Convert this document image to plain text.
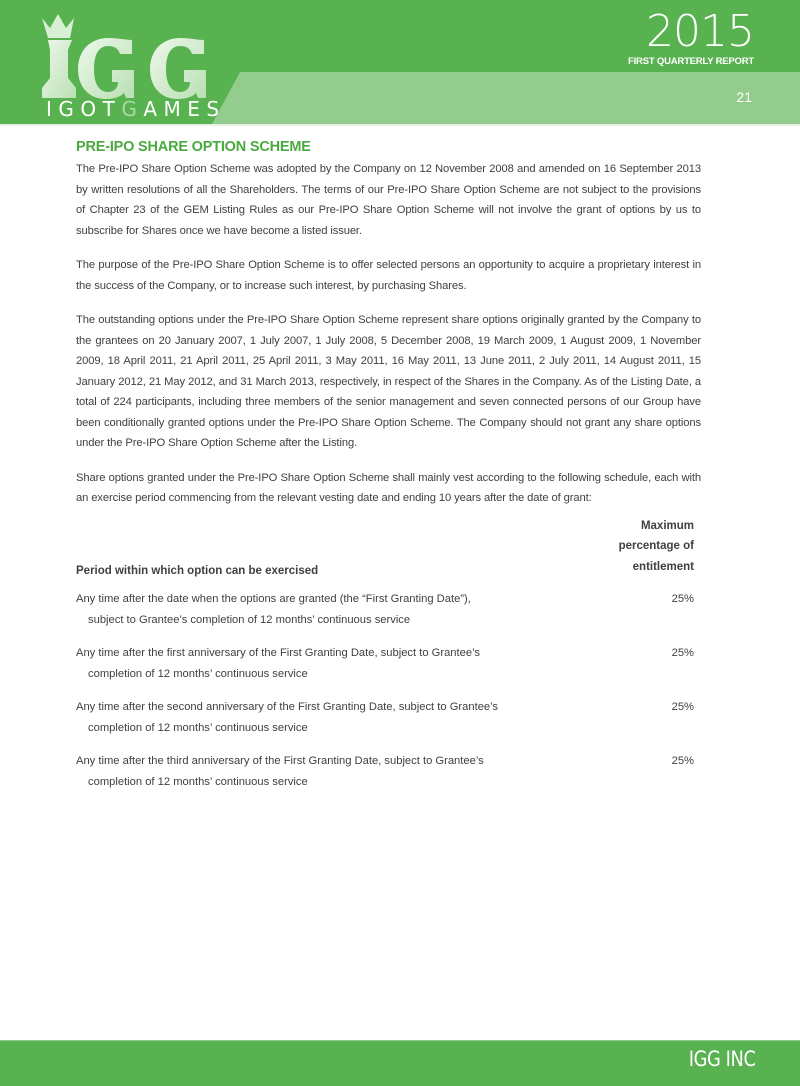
IGOTGAMES
2015
FIRST QUARTERLY REPORT
21
PRE-IPO SHARE OPTION SCHEME

The Pre-IPO Share Option Scheme was adopted by the Company on 12 November 2008 and amended on 16 September 2013 by written resolutions of all the Shareholders. The terms of our Pre-IPO Share Option Scheme are not subject to the provisions of Chapter 23 of the GEM Listing Rules as our Pre-IPO Share Option Scheme will not involve the grant of options by us to subscribe for Shares once we have become a listed issuer.

The purpose of the Pre-IPO Share Option Scheme is to offer selected persons an opportunity to acquire a proprietary interest in the success of the Company, or to increase such interest, by purchasing Shares.

The outstanding options under the Pre-IPO Share Option Scheme represent share options originally granted by the Company to the grantees on 20 January 2007, 1 July 2007, 1 July 2008, 5 December 2008, 19 March 2009, 1 August 2009, 1 November 2009, 18 April 2011, 21 April 2011, 25 April 2011, 3 May 2011, 16 May 2011, 13 June 2011, 2 July 2011, 14 August 2011, 15 January 2012, 21 May 2012, and 31 March 2013, respectively, in respect of the Shares in the Company. As of the Listing Date, a total of 224 participants, including three members of the senior management and seven connected persons of our Group have been conditionally granted options under the Pre-IPO Share Option Scheme. The Company should not grant any share options under the Pre-IPO Share Option Scheme after the Listing.

Share options granted under the Pre-IPO Share Option Scheme shall mainly vest according to the following schedule, each with an exercise period commencing from the relevant vesting date and ending 10 years after the date of grant:

Period within which option can be exercised
Maximum
percentage of
entitlement
Any time after the date when the options are granted (the “First Granting Date”),
subject to Grantee’s completion of 12 months’ continuous service
25%
Any time after the first anniversary of the First Granting Date, subject to Grantee’s
completion of 12 months’ continuous service
25%
Any time after the second anniversary of the First Granting Date, subject to Grantee’s
completion of 12 months’ continuous service
25%
Any time after the third anniversary of the First Granting Date, subject to Grantee’s
completion of 12 months’ continuous service
25%
IGG INC
